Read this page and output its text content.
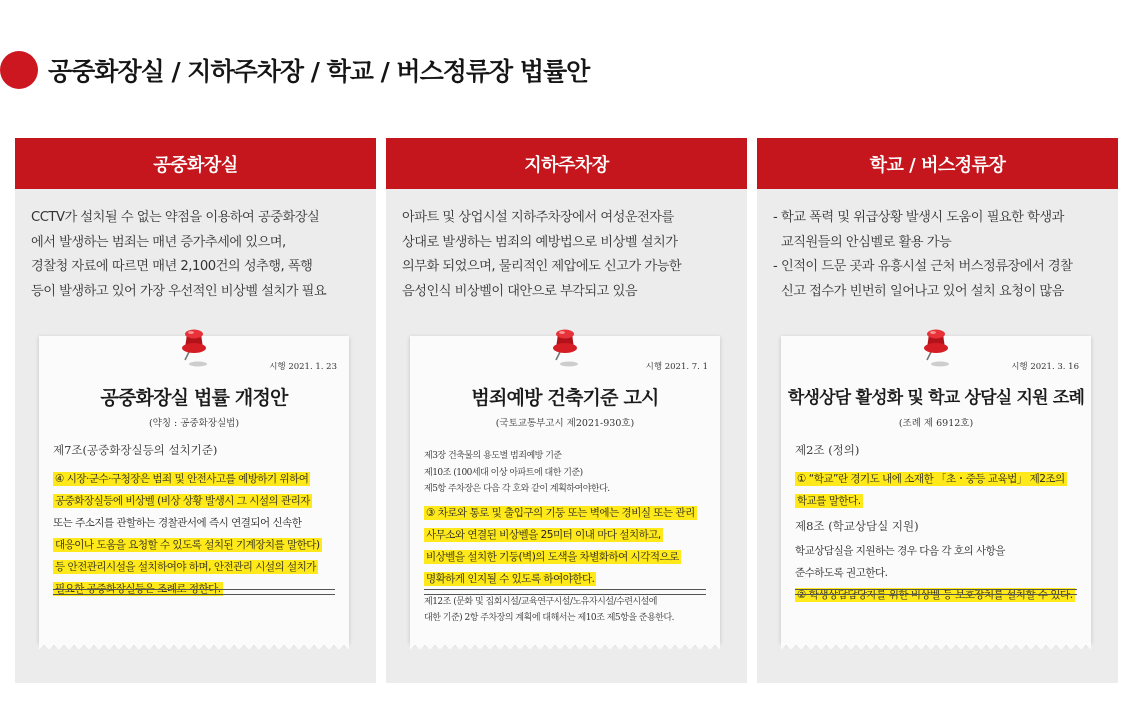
공중화장실 / 지하주차장 / 학교 / 버스정류장 법률안
공중화장실
CCTV가 설치될 수 없는 약점을 이용하여 공중화장실
에서 발생하는 범죄는 매년 증가추세에 있으며,
경찰청 자료에 따르면 매년 2,100건의 성추행, 폭행
등이 발생하고 있어 가장 우선적인 비상벨 설치가 필요
시행 2021. 1. 23
공중화장실 법률 개정안
(약칭 : 공중화장실법)
제7조(공중화장실등의 설치기준)
④ 시장·군수·구청장은 범죄 및 안전사고를 예방하기 위하여
공중화장실등에 비상벨 (비상 상황 발생시 그 시설의 관리자
또는 주소지를 관할하는 경찰관서에 즉시 연결되어 신속한
대응이나 도움을 요청할 수 있도록 설치된 기계장치를 말한다)
등 안전관리시설을 설치하여야 하며, 안전관리 시설의 설치가
필요한 공중화장실등은 조례로 정한다.
지하주차장
아파트 및 상업시설 지하주차장에서 여성운전자를
상대로 발생하는 범죄의 예방법으로 비상벨 설치가
의무화 되었으며, 물리적인 제압에도 신고가 가능한
음성인식 비상벨이 대안으로 부각되고 있음
시행 2021. 7. 1
범죄예방 건축기준 고시
(국토교통부고시 제2021-930호)
제3장 건축물의 용도별 범죄예방 기준
제10조 (100세대 이상 아파트에 대한 기준)
제5항 주차장은 다음 각 호와 같이 계획하여야한다.
③ 차로와 통로 및 출입구의 기둥 또는 벽에는 경비실 또는 관리
사무소와 연결된 비상벨을 25미터 이내 마다 설치하고,
비상벨을 설치한 기둥(벽)의 도색을 차별화하여 시각적으로
명확하게 인지될 수 있도록 하여야한다.
제12조 (문화 및 집회시설/교육연구시설/노유자시설/수련시설에
대한 기준) 2항 주차장의 계획에 대해서는 제10조 제5항을 준용한다.
학교 / 버스정류장
- 학교 폭력 및 위급상황 발생시 도움이 필요한 학생과
교직원들의 안심벨로 활용 가능
- 인적이 드문 곳과 유흥시설 근처 버스정류장에서 경찰
신고 접수가 빈번히 일어나고 있어 설치 요청이 많음
시행 2021. 3. 16
학생상담 활성화 및 학교 상담실 지원 조례
(조례 제 6912호)
제2조 (정의)
① “학교”란 경기도 내에 소재한 「초・중등 교육법」 제2조의
학교를 말한다.
제8조 (학교상담실 지원)
학교상담실을 지원하는 경우 다음 각 호의 사항을
준수하도록 권고한다.
② 학생상담담당자를 위한 비상벨 등 보호장치를 설치할 수 있다.
